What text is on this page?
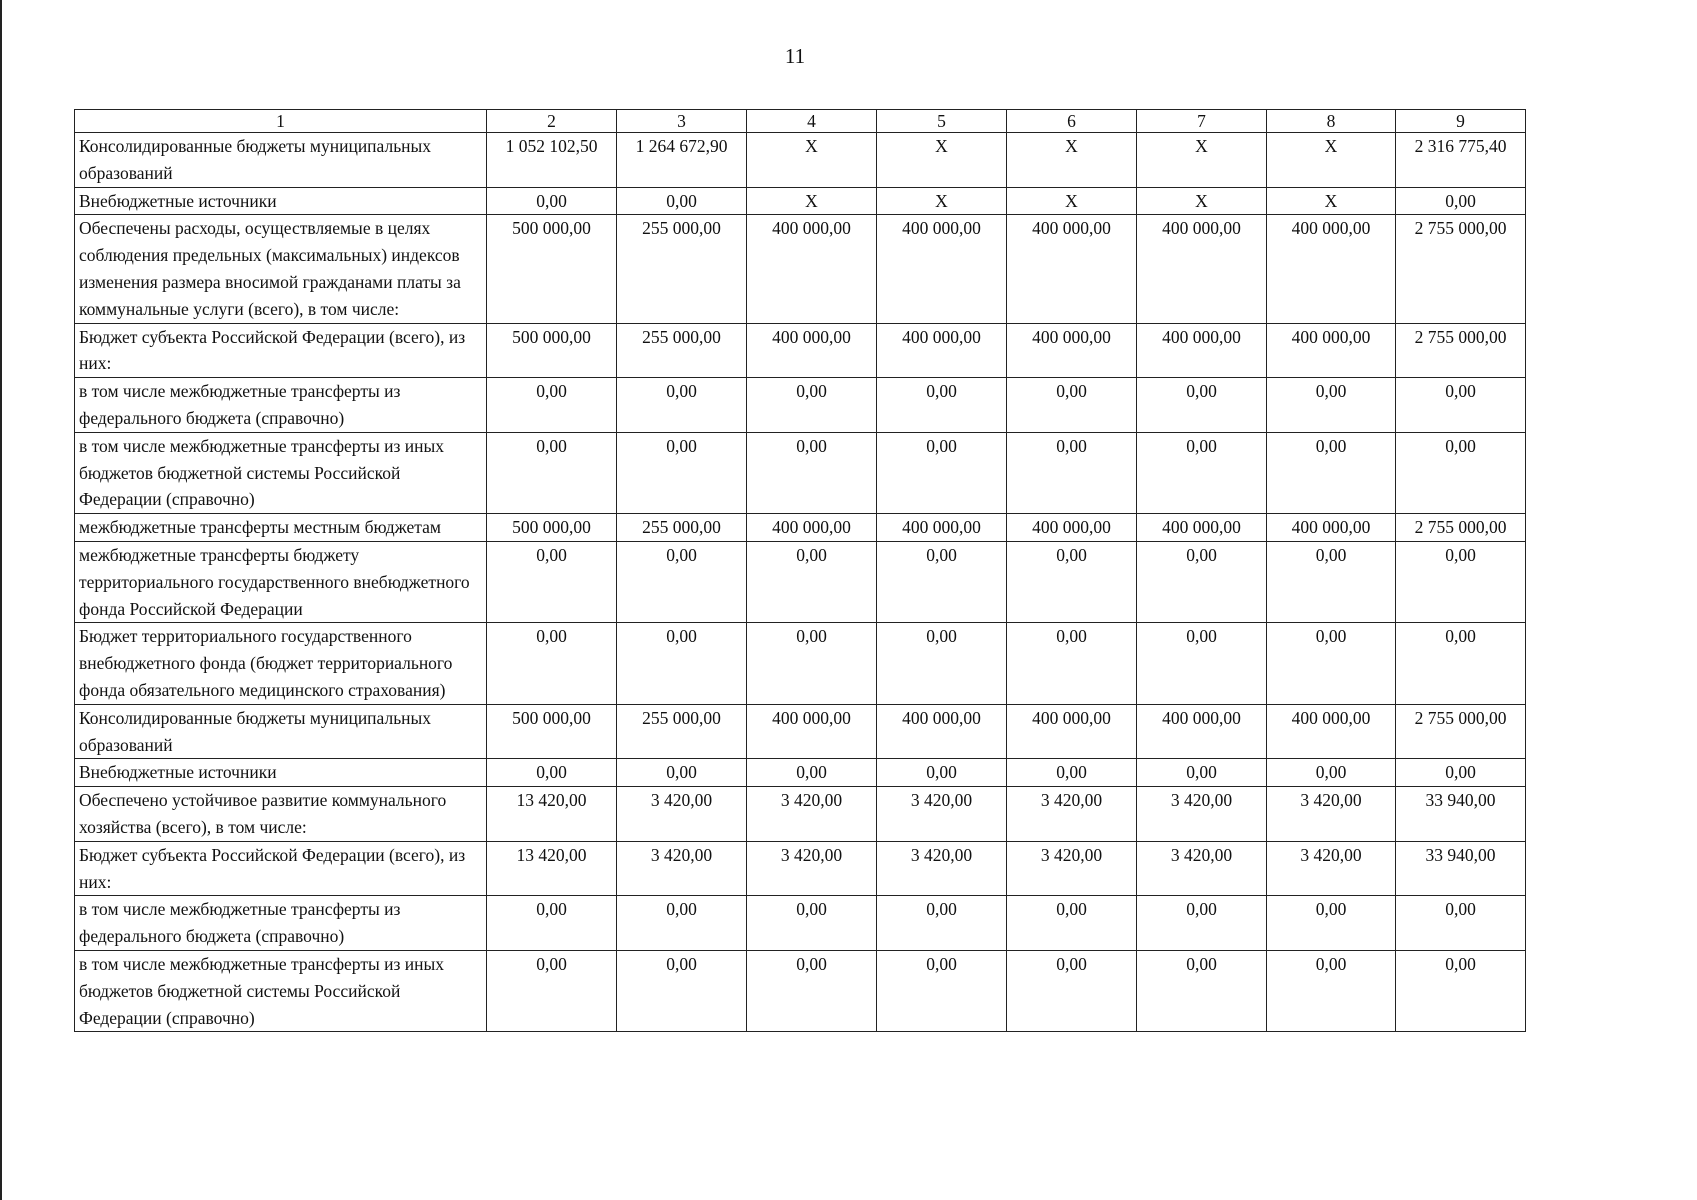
11
1	2	3	4	5	6	7	8	9
Консолидированные бюджеты муниципальных образований	1 052 102,50	1 264 672,90	X	X	X	X	X	2 316 775,40
Внебюджетные источники	0,00	0,00	X	X	X	X	X	0,00
Обеспечены расходы, осуществляемые в целях соблюдения предельных (максимальных) индексов изменения размера вносимой гражданами платы за коммунальные услуги (всего), в том числе:	500 000,00	255 000,00	400 000,00	400 000,00	400 000,00	400 000,00	400 000,00	2 755 000,00
Бюджет субъекта Российской Федерации (всего), из них:	500 000,00	255 000,00	400 000,00	400 000,00	400 000,00	400 000,00	400 000,00	2 755 000,00
в том числе межбюджетные трансферты из федерального бюджета (справочно)	0,00	0,00	0,00	0,00	0,00	0,00	0,00	0,00
в том числе межбюджетные трансферты из иных бюджетов бюджетной системы Российской Федерации (справочно)	0,00	0,00	0,00	0,00	0,00	0,00	0,00	0,00
межбюджетные трансферты местным бюджетам	500 000,00	255 000,00	400 000,00	400 000,00	400 000,00	400 000,00	400 000,00	2 755 000,00
межбюджетные трансферты бюджету территориального государственного внебюджетного фонда Российской Федерации	0,00	0,00	0,00	0,00	0,00	0,00	0,00	0,00
Бюджет территориального государственного внебюджетного фонда (бюджет территориального фонда обязательного медицинского страхования)	0,00	0,00	0,00	0,00	0,00	0,00	0,00	0,00
Консолидированные бюджеты муниципальных образований	500 000,00	255 000,00	400 000,00	400 000,00	400 000,00	400 000,00	400 000,00	2 755 000,00
Внебюджетные источники	0,00	0,00	0,00	0,00	0,00	0,00	0,00	0,00
Обеспечено устойчивое развитие коммунального хозяйства (всего), в том числе:	13 420,00	3 420,00	3 420,00	3 420,00	3 420,00	3 420,00	3 420,00	33 940,00
Бюджет субъекта Российской Федерации (всего), из них:	13 420,00	3 420,00	3 420,00	3 420,00	3 420,00	3 420,00	3 420,00	33 940,00
в том числе межбюджетные трансферты из федерального бюджета (справочно)	0,00	0,00	0,00	0,00	0,00	0,00	0,00	0,00
в том числе межбюджетные трансферты из иных бюджетов бюджетной системы Российской Федерации (справочно)	0,00	0,00	0,00	0,00	0,00	0,00	0,00	0,00
